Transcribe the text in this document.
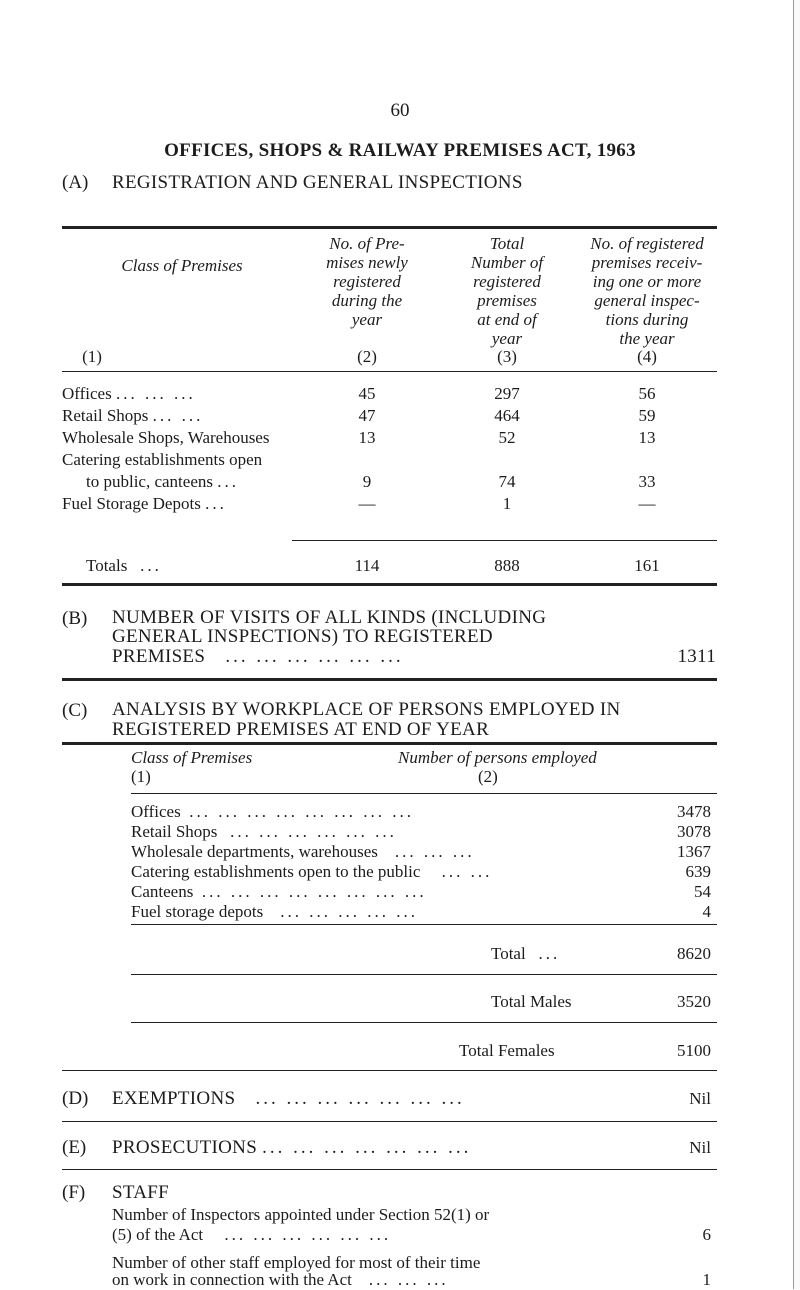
60
OFFICES, SHOPS & RAILWAY PREMISES ACT, 1963
(A) REGISTRATION AND GENERAL INSPECTIONS
Class of Premises
No. of Pre-
mises newly
registered
during the
year
Total
Number of
registered
premises
at end of
year
No. of registered
premises receiv-
ing one or more
general inspec-
tions during
the year
(1)	(2)	(3)	(4)
Offices ... ... ...	45	297	56
Retail Shops ... ...	47	464	59
Wholesale Shops, Warehouses	13	52	13
Catering establishments open
to public, canteens ...	9	74	33
Fuel Storage Depots ...	—	1	—
Totals ...	114	888	161
(B) NUMBER OF VISITS OF ALL KINDS (INCLUDING
GENERAL INSPECTIONS) TO REGISTERED
PREMISES ... ... ... ... ... ...	1311
(C) ANALYSIS BY WORKPLACE OF PERSONS EMPLOYED IN
REGISTERED PREMISES AT END OF YEAR
Class of Premises	Number of persons employed
(1)	(2)
Offices ... ... ... ... ... ... ... ...	3478
Retail Shops ... ... ... ... ... ...	3078
Wholesale departments, warehouses ... ... ...	1367
Catering establishments open to the public ... ...	639
Canteens ... ... ... ... ... ... ... ...	54
Fuel storage depots ... ... ... ... ...	4
Total ...	8620
Total Males	3520
Total Females	5100
(D) EXEMPTIONS ... ... ... ... ... ... ...	Nil
(E) PROSECUTIONS ... ... ... ... ... ... ...	Nil
(F) STAFF
Number of Inspectors appointed under Section 52(1) or
(5) of the Act ... ... ... ... ... ...	6
Number of other staff employed for most of their time
on work in connection with the Act ... ... ...	1
